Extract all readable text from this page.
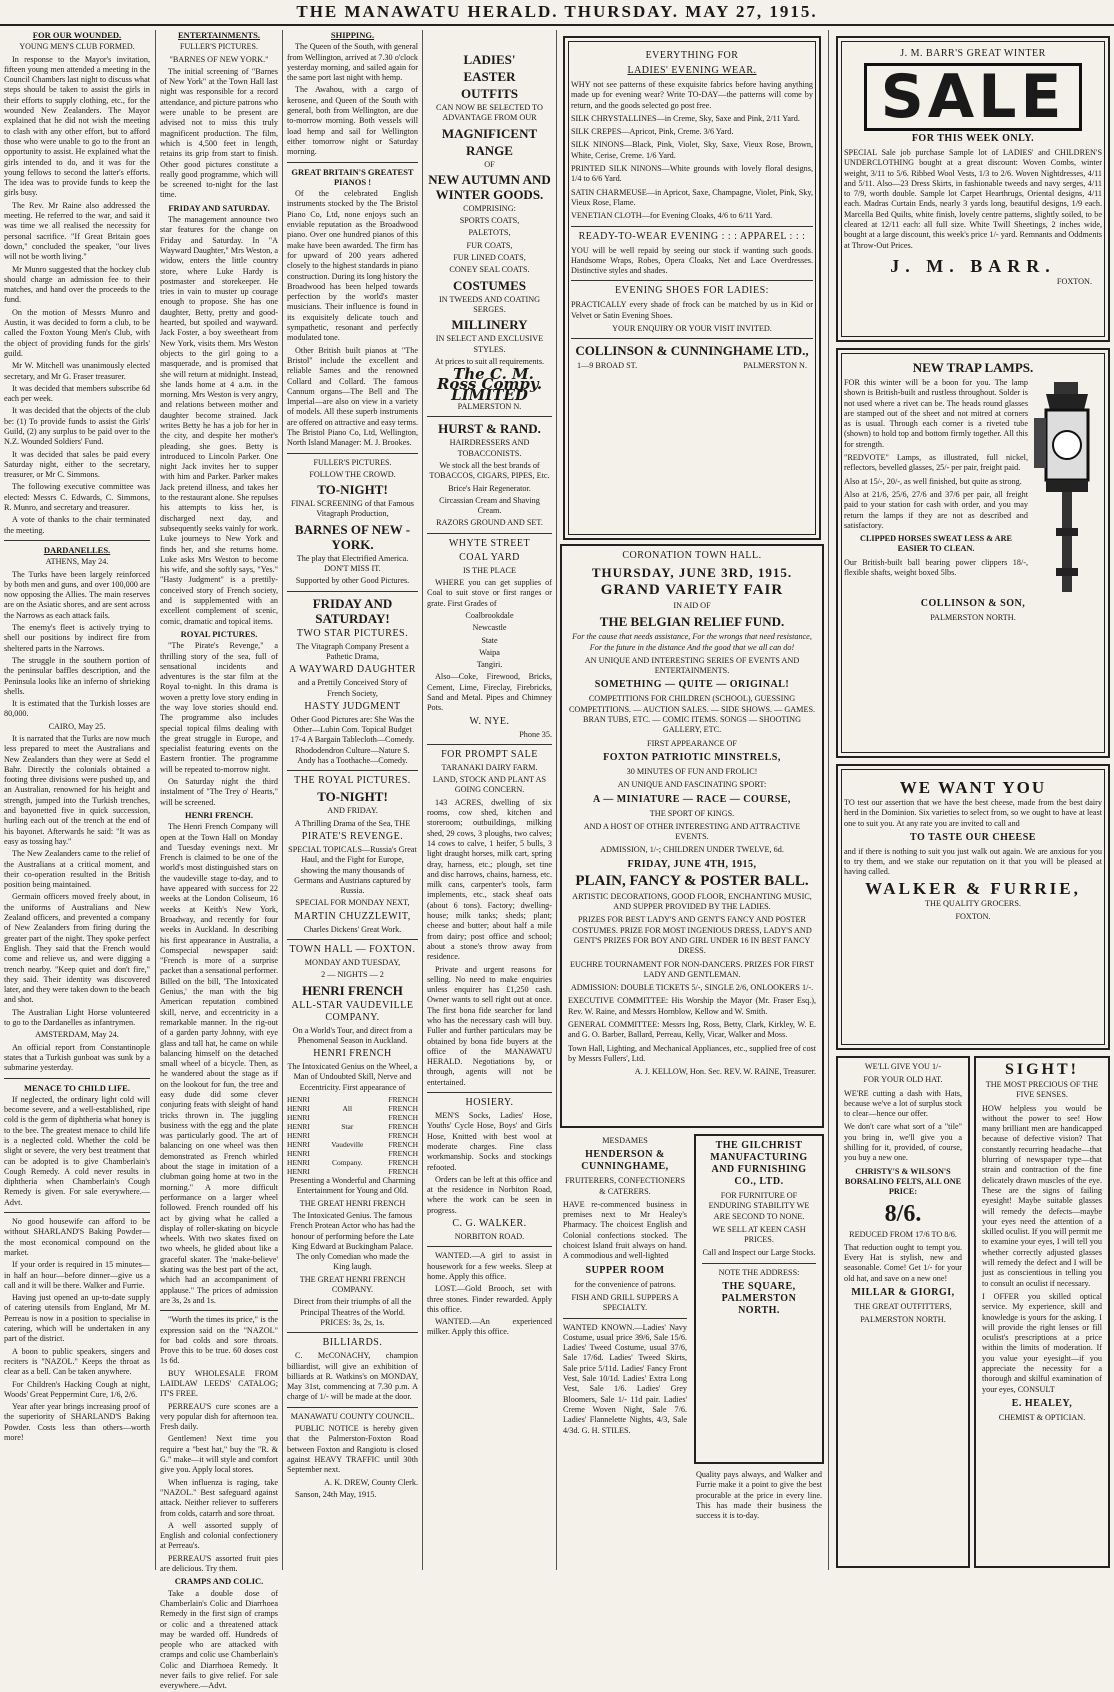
THE MANAWATU HERALD. THURSDAY. MAY 27, 1915.

FOR OUR WOUNDED.

YOUNG MEN'S CLUB FORMED.

In response to the Mayor's invitation, fifteen young men attended a meeting in the Council Chambers last night to discuss what steps should be taken to assist the girls in their efforts to supply clothing, etc., for the wounded New Zealanders. The Mayor explained that he did not wish the meeting to clash with any other effort, but to afford those who were unable to go to the front an opportunity to assist. He explained what the girls intended to do, and it was for the young fellows to second the latter's efforts. The idea was to provide funds to keep the girls busy.

The Rev. Mr Raine also addressed the meeting. He referred to the war, and said it was time we all realised the necessity for personal sacrifice. "If Great Britain goes down," concluded the speaker, "our lives will not be worth living."

Mr Munro suggested that the hockey club should charge an admission fee to their matches, and hand over the proceeds to the fund.

On the motion of Messrs Munro and Austin, it was decided to form a club, to be called the Foxton Young Men's Club, with the object of providing funds for the girls' guild.

Mr W. Mitchell was unanimously elected secretary, and Mr G. Fraser treasurer.

It was decided that members subscribe 6d each per week.

It was decided that the objects of the club be: (1) To provide funds to assist the Girls' Guild, (2) any surplus to be paid over to the N.Z. Wounded Soldiers' Fund.

It was decided that sales be paid every Saturday night, either to the secretary, treasurer, or Mr C. Simmons.

The following executive committee was elected: Messrs C. Edwards, C. Simmons, R. Munro, and secretary and treasurer.

A vote of thanks to the chair terminated the meeting.

DARDANELLES.

ATHENS, May 24.

The Turks have been largely reinforced by both men and guns, and over 100,000 are now opposing the Allies. The main reserves are on the Asiatic shores, and are sent across the Narrows as each attack fails.

The enemy's fleet is actively trying to shell our positions by indirect fire from sheltered parts in the Narrows.

The struggle in the southern portion of the peninsular baffles description, and the Peninsula looks like an inferno of shrieking shells.

It is estimated that the Turkish losses are 80,000.

CAIRO, May 25.

It is narrated that the Turks are now much less prepared to meet the Australians and New Zealanders than they were at Sedd el Bahr. Directly the colonials obtained a footing three divisions were pushed up, and an Australian, renowned for his height and strength, jumped into the Turkish trenches, and bayonetted five in quick succession, hurling each out of the trench at the end of his bayonet. Afterwards he said: "It was as easy as tossing hay."

The New Zealanders came to the relief of the Australians at a critical moment, and their co-operation resulted in the British position being maintained.

Germain officers moved freely about, in the uniforms of Australians and New Zealand officers, and prevented a company of New Zealanders from firing during the greater part of the night. They spoke perfect English. They said that the French would come and relieve us, and were digging a trench nearby. "Keep quiet and don't fire," they said. Their identity was discovered later, and they were taken down to the beach and shot.

The Australian Light Horse volunteered to go to the Dardanelles as infantrymen.

AMSTERDAM, May 24.

An official report from Constantinople states that a Turkish gunboat was sunk by a submarine yesterday.

MENACE TO CHILD LIFE.

If neglected, the ordinary light cold will become severe, and a well-established, ripe cold is the germ of diphtheria what honey is to the bee. The greatest menace to child life is a neglected cold. Whether the cold be slight or severe, the very best treatment that can be adopted is to give Chamberlain's Cough Remedy. A cold never results in diphtheria when Chamberlain's Cough Remedy is given. For sale everywhere.—Advt.

No good housewife can afford to be without SHARLAND'S Baking Powder—the most economical compound on the market.

If your order is required in 15 minutes—in half an hour—before dinner—give us a call and it will be there. Walker and Furrie.

Having just opened an up-to-date supply of catering utensils from England, Mr M. Perreau is now in a position to specialise in catering, which will be undertaken in any part of the district.

A boon to public speakers, singers and reciters is "NAZOL." Keeps the throat as clear as a bell. Can be taken anywhere.

For Children's Hacking Cough at night, Woods' Great Peppermint Cure, 1/6, 2/6.

Year after year brings increasing proof of the superiority of SHARLAND'S Baking Powder. Costs less than others—worth more!

ENTERTAINMENTS.

FULLER'S PICTURES.

"BARNES OF NEW YORK."

The initial screening of "Barnes of New York" at the Town Hall last night was responsible for a record attendance, and picture patrons who were unable to be present are advised not to miss this truly magnificent production. The film, which is 4,500 feet in length, retains its grip from start to finish. Other good pictures constitute a really good programme, which will be screened to-night for the last time.

FRIDAY AND SATURDAY.

The management announce two star features for the change on Friday and Saturday. In "A Wayward Daughter," Mrs Weston, a widow, enters the little country store, where Luke Hardy is postmaster and storekeeper. He tries in vain to muster up courage enough to propose. She has one daughter, Betty, pretty and good-hearted, but spoiled and wayward. Jack Foster, a boy sweetheart from New York, visits them. Mrs Weston objects to the girl going to a masquerade, and is promised that she will return at midnight. Instead, she lands home at 4 a.m. in the morning. Mrs Weston is very angry, and relations between mother and daughter become strained. Jack writes Betty he has a job for her in the city, and despite her mother's pleading, she goes. Betty is introduced to Lincoln Parker. One night Jack invites her to supper with him and Parker. Parker makes Jack pretend illness, and takes her to the restaurant alone. She repulses his attempts to kiss her, is discharged next day, and subsequently seeks vainly for work. Luke journeys to New York and finds her, and she returns home. Luke asks Mrs Weston to become his wife, and she softly says, "Yes." "Hasty Judgment" is a prettily-conceived story of French society, and is supplemented with an excellent complement of scenic, comic, dramatic and topical items.

ROYAL PICTURES.

"The Pirate's Revenge," a thrilling story of the sea, full of sensational incidents and adventures is the star film at the Royal to-night. In this drama is woven a pretty love story ending in the way love stories should end. The programme also includes special topical films dealing with the great struggle in Europe, and specialist featuring events on the Eastern frontier. The programme will be repeated to-morrow night.

On Saturday night the third instalment of "The Trey o' Hearts," will be screened.

HENRI FRENCH.

The Henri French Company will open at the Town Hall on Monday and Tuesday evenings next. Mr French is claimed to be one of the world's most distinguished stars on the vaudeville stage to-day, and to have appeared with success for 22 weeks at the London Coliseum, 16 weeks at Keith's New York, Broadway, and recently for four weeks in Auckland. In describing his first appearance in Australia, a Comspecial newspaper said: "French is more of a surprise packet than a sensational performer. Billed on the bill, 'The Intoxicated Genius,' the man with the big American reputation combined skill, nerve, and eccentricity in a remarkable manner. In the rig-out of a garden party Johnny, with eye glass and tall hat, he came on while balancing himself on the detached small wheel of a bicycle. Then, as he wandered about the stage as if on the lookout for fun, the tree and easy dude did some clever conjuring feats with sleight of hand tricks thrown in. The juggling business with the egg and the plate was particularly good. The art of balancing on one wheel was then demonstrated as French whirled about the stage in imitation of a clubman going home at two in the morning." A more difficult performance on a larger wheel followed. French rounded off his act by giving what he called a display of roller-skating on bicycle wheels. With two skates fixed on two wheels, he glided about like a graceful skater. The 'make-believe' skating was the best part of the act, which had an accompaniment of applause." The prices of admission are 3s, 2s and 1s.

"Worth the times its price," is the expression said on the "NAZOL" for bad colds and sore throats. Prove this to be true. 60 doses cost 1s 6d.

BUY WHOLESALE FROM LAIDLAW LEEDS' CATALOG; IT'S FREE.

PERREAU'S cure scones are a very popular dish for afternoon tea. Fresh daily.

Gentlemen! Next time you require a "best hat," buy the "R. & G." make—it will style and comfort give you. Apply local stores.

When influenza is raging, take "NAZOL." Best safeguard against attack. Neither reliever to sufferers from colds, catarrh and sore throat.

A well assorted supply of English and colonial confectionery at Perreau's.

PERREAU'S assorted fruit pies are delicious. Try them.

CRAMPS AND COLIC.

Take a double dose of Chamberlain's Colic and Diarrhoea Remedy in the first sign of cramps or colic and a threatened attack may be warded off. Hundreds of people who are attacked with cramps and colic use Chamberlain's Colic and Diarrhoea Remedy. It never fails to give relief. For sale everywhere.—Advt.

SHIPPING.

The Queen of the South, with general from Wellington, arrived at 7.30 o'clock yesterday morning, and sailed again for the same port last night with hemp.

The Awahou, with a cargo of kerosene, and Queen of the South with general, both from Wellington, are due to-morrow morning. Both vessels will load hemp and sail for Wellington either tomorrow night or Saturday morning.

GREAT BRITAIN'S GREATEST PIANOS !

Of the celebrated English instruments stocked by the The Bristol Piano Co, Ltd, none enjoys such an enviable reputation as the Broadwood piano. Over one hundred pianos of this make have been awarded. The firm has for upward of 200 years adhered closely to the highest standards in piano construction. During its long history the Broadwood has been helped towards perfection by the world's master musicians. Their influence is found in its exquisitely delicate touch and sympathetic, resonant and perfectly modulated tone.

Other British built pianos at "The Bristol" include the excellent and reliable Sames and the renowned Collard and Collard. The famous Cannum organs—The Bell and The Imperial—are also on view in a variety of models. All these superb instruments are offered on attractive and easy terms. The Bristol Piano Co, Ltd, Wellington, North Island Manager: M. J. Brookes.

FULLER'S PICTURES.

FOLLOW THE CROWD.

TO-NIGHT!

FINAL SCREENING of that Famous Vitagraph Production,

BARNES OF NEW - YORK.

The play that Electrified America. DON'T MISS IT.

Supported by other Good Pictures.

FRIDAY AND SATURDAY!

TWO STAR PICTURES.

The Vitagraph Company Present a Pathetic Drama,

A WAYWARD DAUGHTER

and a Prettily Conceived Story of French Society,

HASTY JUDGMENT

Other Good Pictures are: She Was the Other—Lubin Com. Topical Budget 17-4 A Bargain Tablecloth—Comedy. Rhododendron Culture—Nature S. Andy has a Toothache—Comedy.

THE ROYAL PICTURES.

TO-NIGHT!

AND FRIDAY.

A Thrilling Drama of the Sea, THE

PIRATE'S REVENGE.

SPECIAL TOPICALS—Russia's Great Haul, and the Fight for Europe, showing the many thousands of Germans and Austrians captured by Russia.

SPECIAL FOR MONDAY NEXT,

MARTIN CHUZZLEWIT,

Charles Dickens' Great Work.

TOWN HALL — FOXTON.

MONDAY AND TUESDAY,

2 — NIGHTS — 2

HENRI FRENCH

ALL-STAR VAUDEVILLE COMPANY.

On a World's Tour, and direct from a Phenomenal Season in Auckland.

HENRI FRENCH

The Intoxicated Genius on the Wheel, a Man of Undoubted Skill, Nerve and Eccentricity. First appearance of

HENRI		FRENCH
HENRI	All	FRENCH
HENRI		FRENCH
HENRI	Star	FRENCH
HENRI		FRENCH
HENRI	Vaudeville	FRENCH
HENRI		FRENCH
HENRI	Company.	FRENCH
HENRI		FRENCH

Presenting a Wonderful and Charming Entertainment for Young and Old.

THE GREAT HENRI FRENCH

The Intoxicated Genius. The famous French Protean Actor who has had the honour of performing before the Late King Edward at Buckingham Palace. The only Comedian who made the King laugh.

THE GREAT HENRI FRENCH COMPANY.

Direct from their triumphs of all the Principal Theatres of the World. PRICES: 3s, 2s, 1s.

BILLIARDS.

C. McCONACHY, champion billiardist, will give an exhibition of billiards at R. Watkins's on MONDAY, May 31st, commencing at 7.30 p.m. A charge of 1/- will be made at the door.

MANAWATU COUNTY COUNCIL.

PUBLIC NOTICE is hereby given that the Palmerston-Foxton Road between Foxton and Rangiotu is closed against HEAVY TRAFFIC until 30th September next.

A. K. DREW, County Clerk.

Sanson, 24th May, 1915.

LADIES'

EASTER

OUTFITS

CAN NOW BE SELECTED TO ADVANTAGE FROM OUR

MAGNIFICENT

RANGE

OF

NEW AUTUMN AND WINTER GOODS.

COMPRISING:

SPORTS COATS,

PALETOTS,

FUR COATS,

FUR LINED COATS,

CONEY SEAL COATS.

COSTUMES

IN TWEEDS AND COATING SERGES.

MILLINERY

IN SELECT AND EXCLUSIVE STYLES.

At prices to suit all requirements.

The C. M. Ross Compy. LIMITED

PALMERSTON N.

HURST & RAND.

HAIRDRESSERS AND TOBACCONISTS.

We stock all the best brands of TOBACCOS, CIGARS, PIPES, Etc.

Brice's Hair Regenerator.

Circassian Cream and Shaving Cream.

RAZORS GROUND AND SET.

WHYTE STREET

COAL YARD

IS THE PLACE

WHERE you can get supplies of Coal to suit stove or first ranges or grate. First Grades of

Coalbrookdale

Newcastle

State

Waipa

Tangiri.

Also—Coke, Firewood, Bricks, Cement, Lime, Fireclay, Firebricks, Sand and Metal. Pipes and Chimney Pots.

W. NYE.

Phone 35.

FOR PROMPT SALE

TARANAKI DAIRY FARM.

LAND, STOCK AND PLANT AS GOING CONCERN.

143 ACRES, dwelling of six rooms, cow shed, kitchen and storeroom; outbuildings, milking shed, 29 cows, 3 ploughs, two calves; 14 cows to calve, 1 heifer, 5 bulls, 3 light draught horses, milk cart, spring dray, harness, etc.; plough, set tine and disc harrows, chains, harness, etc. milk cans, carpenter's tools, farm implements, etc., stack sheaf oats (about 6 tons). Factory; dwelling-house; milk tanks; sheds; plant; cheese and butter; about half a mile from dairy; post office and school; about a stone's throw away from residence.

Private and urgent reasons for selling. No need to make enquiries unless enquirer has £1,250 cash. Owner wants to sell right out at once. The first bona fide searcher for land who has the necessary cash will buy. Fuller and further particulars may be obtained by bona fide buyers at the office of the MANAWATU HERALD. Negotiations by, or through, agents will not be entertained.

HOSIERY.

MEN'S Socks, Ladies' Hose, Youths' Cycle Hose, Boys' and Girls Hose, Knitted with best wool at moderate charges. Fine class workmanship. Socks and stockings refooted.

Orders can be left at this office and at the residence in Norbiton Road, where the work can be seen in progress.

C. G. WALKER.

NORBITON ROAD.

WANTED.—A girl to assist in housework for a few weeks. Sleep at home. Apply this office.

LOST.—Gold Brooch, set with three stones. Finder rewarded. Apply this office.

WANTED.—An experienced milker. Apply this office.

EVERYTHING FOR

LADIES' EVENING WEAR.

WHY not see patterns of these exquisite fabrics before having anything made up for evening wear? Write TO-DAY—the patterns will come by return, and the goods selected go post free.

SILK CHRYSTALLINES—in Creme, Sky, Saxe and Pink, 2/11 Yard.

SILK CREPES—Apricot, Pink, Creme. 3/6 Yard.

SILK NINONS—Black, Pink, Violet, Sky, Saxe, Vieux Rose, Brown, White, Cerise, Creme. 1/6 Yard.

PRINTED SILK NINONS—White grounds with lovely floral designs, 1/4 to 6/6 Yard.

SATIN CHARMEUSE—in Apricot, Saxe, Champagne, Violet, Pink, Sky, Vieux Rose, Flame.

VENETIAN CLOTH—for Evening Cloaks, 4/6 to 6/11 Yard.

READY-TO-WEAR EVENING : : : APPAREL : : :

YOU will be well repaid by seeing our stock if wanting such goods. Handsome Wraps, Robes, Opera Cloaks, Net and Lace Overdresses. Distinctive styles and shades.

EVENING SHOES FOR LADIES:

PRACTICALLY every shade of frock can be matched by us in Kid or Velvet or Satin Evening Shoes.

YOUR ENQUIRY OR YOUR VISIT INVITED.

COLLINSON & CUNNINGHAME LTD.,

1—9 BROAD ST.	PALMERSTON N.

CORONATION TOWN HALL.

THURSDAY, JUNE 3RD, 1915.

GRAND VARIETY FAIR

IN AID OF

THE BELGIAN RELIEF FUND.

For the cause that needs assistance, For the wrongs that need resistance, For the future in the distance And the good that we all can do!

AN UNIQUE AND INTERESTING SERIES OF EVENTS AND ENTERTAINMENTS.

SOMETHING — QUITE — ORIGINAL!

COMPETITIONS FOR CHILDREN (SCHOOL), GUESSING COMPETITIONS. — AUCTION SALES. — SIDE SHOWS. — GAMES. BRAN TUBS, ETC. — COMIC ITEMS. SONGS — SHOOTING GALLERY, ETC.

FIRST APPEARANCE OF

FOXTON PATRIOTIC MINSTRELS,

30 MINUTES OF FUN AND FROLIC!

AN UNIQUE AND FASCINATING SPORT:

A — MINIATURE — RACE — COURSE,

THE SPORT OF KINGS.

AND A HOST OF OTHER INTERESTING AND ATTRACTIVE EVENTS.

ADMISSION, 1/-; CHILDREN UNDER TWELVE, 6d.

FRIDAY, JUNE 4TH, 1915,

PLAIN, FANCY & POSTER BALL.

ARTISTIC DECORATIONS, GOOD FLOOR, ENCHANTING MUSIC, AND SUPPER PROVIDED BY THE LADIES.

PRIZES FOR BEST LADY'S AND GENT'S FANCY AND POSTER COSTUMES. PRIZE FOR MOST INGENIOUS DRESS, LADY'S AND GENT'S PRIZES FOR BOY AND GIRL UNDER 16 IN BEST FANCY DRESS.

EUCHRE TOURNAMENT FOR NON-DANCERS. PRIZES FOR FIRST LADY AND GENTLEMAN.

ADMISSION: DOUBLE TICKETS 5/-, SINGLE 2/6, ONLOOKERS 1/-.

EXECUTIVE COMMITTEE: His Worship the Mayor (Mr. Fraser Esq.), Rev. W. Raine, and Messrs Hornblow, Kellow and W. Smith.

GENERAL COMMITTEE: Messrs Ing, Ross, Betty, Clark, Kirkley, W. E. and G. O. Barber, Ballard, Perreau, Kelly, Vicar, Walker and Moss.

Town Hall, Lighting, and Mechanical Appliances, etc., supplied free of cost by Messrs Fullers', Ltd.

A. J. KELLOW, Hon. Sec. REV. W. RAINE, Treasurer.

MESDAMES

HENDERSON & CUNNINGHAME,

FRUITERERS, CONFECTIONERS & CATERERS.

HAVE re-commenced business in premises next to Mr Healey's Pharmacy. The choicest English and Colonial confections stocked. The choicest Island fruit always on hand. A commodious and well-lighted

SUPPER ROOM

for the convenience of patrons.

FISH AND GRILL SUPPERS A SPECIALTY.

WANTED KNOWN.—Ladies' Navy Costume, usual price 39/6, Sale 15/6. Ladies' Tweed Costume, usual 37/6, Sale 17/6d. Ladies' Tweed Skirts, Sale price 5/11d. Ladies' Fancy Front Vest, Sale 10/1d. Ladies' Extra Long Vest, Sale 1/6. Ladies' Grey Bloomers, Sale 1/- 11d pair. Ladies' Creme Woven Night, Sale 7/6. Ladies' Flannelette Nights, 4/3, Sale 4/3d. G. H. STILES.

THE GILCHRIST MANUFACTURING AND FURNISHING CO., LTD.

FOR FURNITURE OF ENDURING STABILITY WE ARE SECOND TO NONE.

WE SELL AT KEEN CASH PRICES.

Call and Inspect our Large Stocks.

NOTE THE ADDRESS:

THE SQUARE, PALMERSTON NORTH.

Quality pays always, and Walker and Furrie make it a point to give the best procurable at the price in every line. This has made their business the success it is to-day.

J. M. BARR'S GREAT WINTER

SALE

FOR THIS WEEK ONLY.

SPECIAL Sale job purchase Sample lot of LADIES' and CHILDREN'S UNDERCLOTHING bought at a great discount: Woven Combs, winter weight, 3/11 to 5/6. Ribbed Wool Vests, 1/3 to 2/6. Woven Nightdresses, 4/11 and 5/11. Also—23 Dress Skirts, in fashionable tweeds and navy serges, 4/11 to 7/9, worth double. Sample lot Carpet Hearthrugs, Oriental designs, 4/11 each. Madras Curtain Ends, nearly 3 yards long, beautiful designs, 1/9 each. Marcella Bed Quilts, white finish, lovely centre patterns, slightly soiled, to be cleared at 12/11 each: all full size. White Twill Sheetings, 2 inches wide, bought at a large discount, this week's price 1/- yard. Remnants and Oddments at Throw-Out Prices.

J. M. BARR.

FOXTON.

NEW TRAP LAMPS.

FOR this winter will be a boon for you. The lamp shown is British-built and rustless throughout. Solder is not used where a rivet can be. The heads round glasses are stamped out of the sheet and not mitred at corners as is usual. Through each corner is a riveted tube (shown) to hold top and bottom firmly together. All this for strength.

"REDVOTE" Lamps, as illustrated, full nickel, reflectors, bevelled glasses, 25/- per pair, freight paid.

Also at 15/-, 20/-, as well finished, but quite as strong.

Also at 21/6, 25/6, 27/6 and 37/6 per pair, all freight paid to your station for cash with order, and you may return the lamps if they are not as described and satisfactory.

CLIPPED HORSES SWEAT LESS & ARE EASIER TO CLEAN.

Our British-built ball bearing power clippers 18/-, flexible shafts, weight boxed 5lbs.

COLLINSON & SON,

PALMERSTON NORTH.

WE WANT YOU

TO test our assertion that we have the best cheese, made from the best dairy herd in the Dominion. Six varieties to select from, so we ought to have at least one to suit you. At any rate you are invited to call and

TO TASTE OUR CHEESE

and if there is nothing to suit you just walk out again. We are anxious for you to try them, and we stake our reputation on it that you will be pleased at having called.

WALKER & FURRIE,

THE QUALITY GROCERS.

FOXTON.

WE'LL GIVE YOU 1/-

FOR YOUR OLD HAT.

WE'RE cutting a dash with Hats, because we've a lot of surplus stock to clear—hence our offer.

We don't care what sort of a "tile" you bring in, we'll give you a shilling for it, provided, of course, you buy a new one.

CHRISTY'S & WILSON'S BORSALINO FELTS, ALL ONE PRICE:

8/6.

REDUCED FROM 17/6 TO 8/6.

That reduction ought to tempt you. Every Hat is stylish, new and seasonable. Come! Get 1/- for your old hat, and save on a new one!

MILLAR & GIORGI,

THE GREAT OUTFITTERS,

PALMERSTON NORTH.

SIGHT!

THE MOST PRECIOUS OF THE FIVE SENSES.

HOW helpless you would be without the power to see! How many brilliant men are handicapped because of defective vision? That constantly recurring headache—that blurring of newspaper type—that strain and contraction of the fine delicately drawn muscles of the eye. These are the signs of failing eyesight! Maybe suitable glasses will remedy the defects—maybe your eyes need the attention of a skilled oculist. If you will permit me to examine your eyes, I will tell you whether correctly adjusted glasses will remedy the defect and I will be just as conscientious in telling you to consult an oculist if necessary.

I OFFER you skilled optical service. My experience, skill and knowledge is yours for the asking. I will provide the right lenses or fill oculist's prescriptions at a price within the limits of moderation. If you value your eyesight—if you appreciate the necessity for a thorough and skilful examination of your eyes, CONSULT

E. HEALEY,

CHEMIST & OPTICIAN.
